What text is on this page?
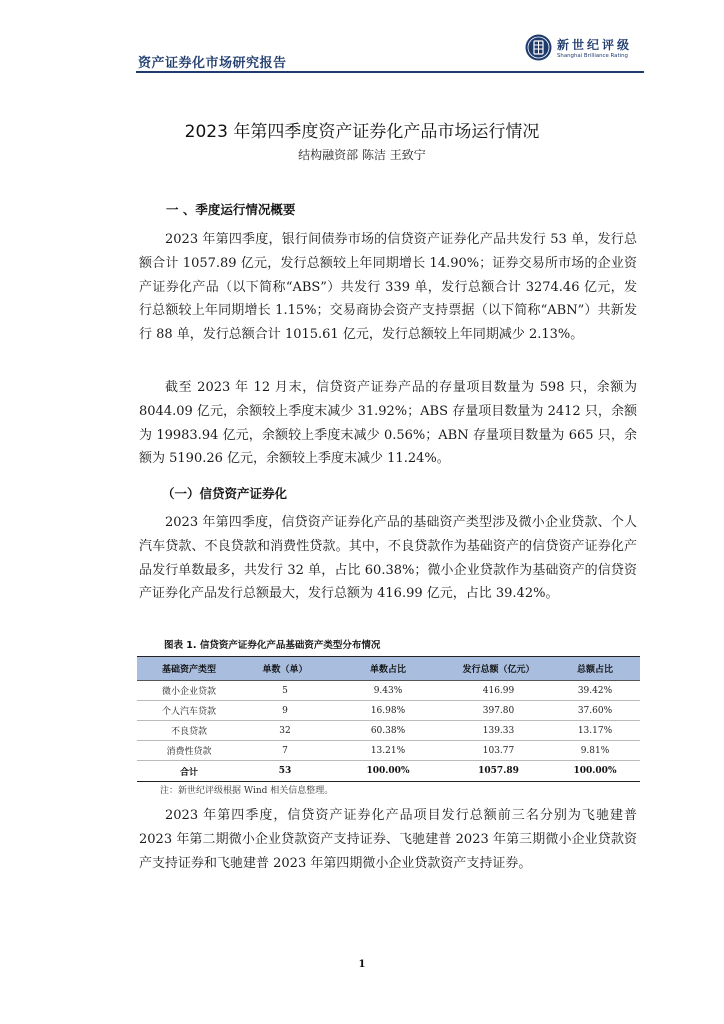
资产证券化市场研究报告
新世纪评级
Shanghai Brilliance Rating
2023 年第四季度资产证券化产品市场运行情况
结构融资部 陈洁 王致宁
一 、季度运行情况概要

2023 年第四季度，银行间债券市场的信贷资产证券化产品共发行 53 单，发行总额合计 1057.89 亿元，发行总额较上年同期增长 14.90%；证券交易所市场的企业资产证券化产品（以下简称“ABS”）共发行 339 单，发行总额合计 3274.46 亿元，发行总额较上年同期增长 1.15%；交易商协会资产支持票据（以下简称“ABN”）共新发行 88 单，发行总额合计 1015.61 亿元，发行总额较上年同期减少 2.13%。

截至 2023 年 12 月末，信贷资产证券产品的存量项目数量为 598 只，余额为 8044.09 亿元，余额较上季度末减少 31.92%；ABS 存量项目数量为 2412 只，余额为 19983.94 亿元，余额较上季度末减少 0.56%；ABN 存量项目数量为 665 只，余额为 5190.26 亿元，余额较上季度末减少 11.24%。

（一）信贷资产证券化

2023 年第四季度，信贷资产证券化产品的基础资产类型涉及微小企业贷款、个人汽车贷款、不良贷款和消费性贷款。其中，不良贷款作为基础资产的信贷资产证券化产品发行单数最多，共发行 32 单，占比 60.38%；微小企业贷款作为基础资产的信贷资产证券化产品发行总额最大，发行总额为 416.99 亿元，占比 39.42%。

图表 1. 信贷资产证券化产品基础资产类型分布情况
基础资产类型	单数（单）	单数占比	发行总额（亿元）	总额占比
微小企业贷款	5	9.43%	416.99	39.42%
个人汽车贷款	9	16.98%	397.80	37.60%
不良贷款	32	60.38%	139.33	13.17%
消费性贷款	7	13.21%	103.77	9.81%
合计	53	100.00%	1057.89	100.00%
注：新世纪评级根据 Wind 相关信息整理。

2023 年第四季度，信贷资产证券化产品项目发行总额前三名分别为飞驰建普 2023 年第二期微小企业贷款资产支持证券、飞驰建普 2023 年第三期微小企业贷款资产支持证券和飞驰建普 2023 年第四期微小企业贷款资产支持证券。

1
